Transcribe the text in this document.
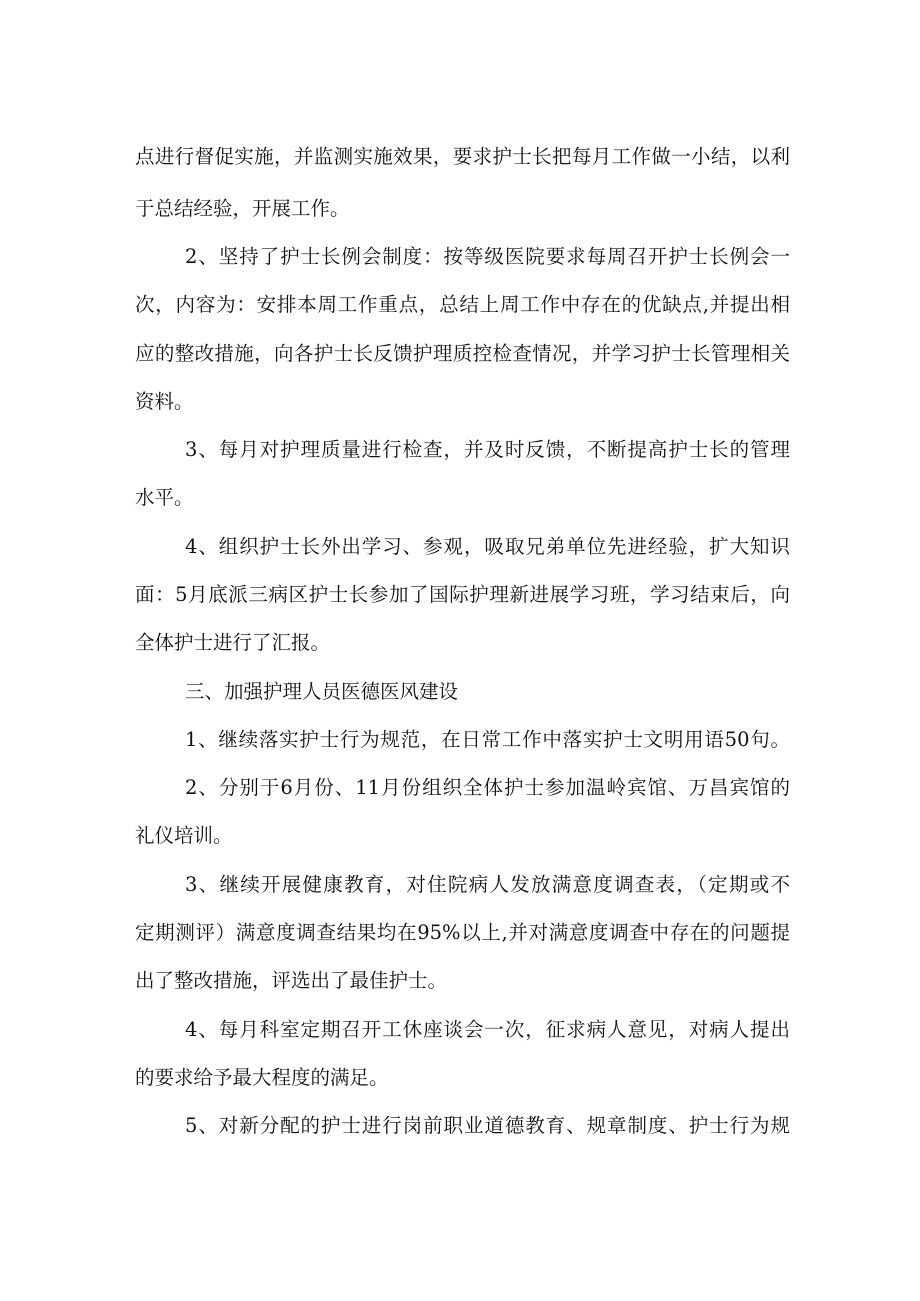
点进行督促实施，并监测实施效果，要求护士长把每月工作做一小结，以利

于总结经验，开展工作。

2、坚持了护士长例会制度：按等级医院要求每周召开护士长例会一

次，内容为：安排本周工作重点，总结上周工作中存在的优缺点,并提出相

应的整改措施，向各护士长反馈护理质控检查情况，并学习护士长管理相关

资料。

3、每月对护理质量进行检查，并及时反馈，不断提高护士长的管理

水平。

4、组织护士长外出学习、参观，吸取兄弟单位先进经验，扩大知识

面：5月底派三病区护士长参加了国际护理新进展学习班，学习结束后，向

全体护士进行了汇报。

三、加强护理人员医德医风建设

1、继续落实护士行为规范，在日常工作中落实护士文明用语50句。

2、分别于6月份、11月份组织全体护士参加温岭宾馆、万昌宾馆的

礼仪培训。

3、继续开展健康教育，对住院病人发放满意度调查表，（定期或不

定期测评）满意度调查结果均在95%以上,并对满意度调查中存在的问题提

出了整改措施，评选出了最佳护士。

4、每月科室定期召开工休座谈会一次，征求病人意见，对病人提出

的要求给予最大程度的满足。

5、对新分配的护士进行岗前职业道德教育、规章制度、护士行为规
